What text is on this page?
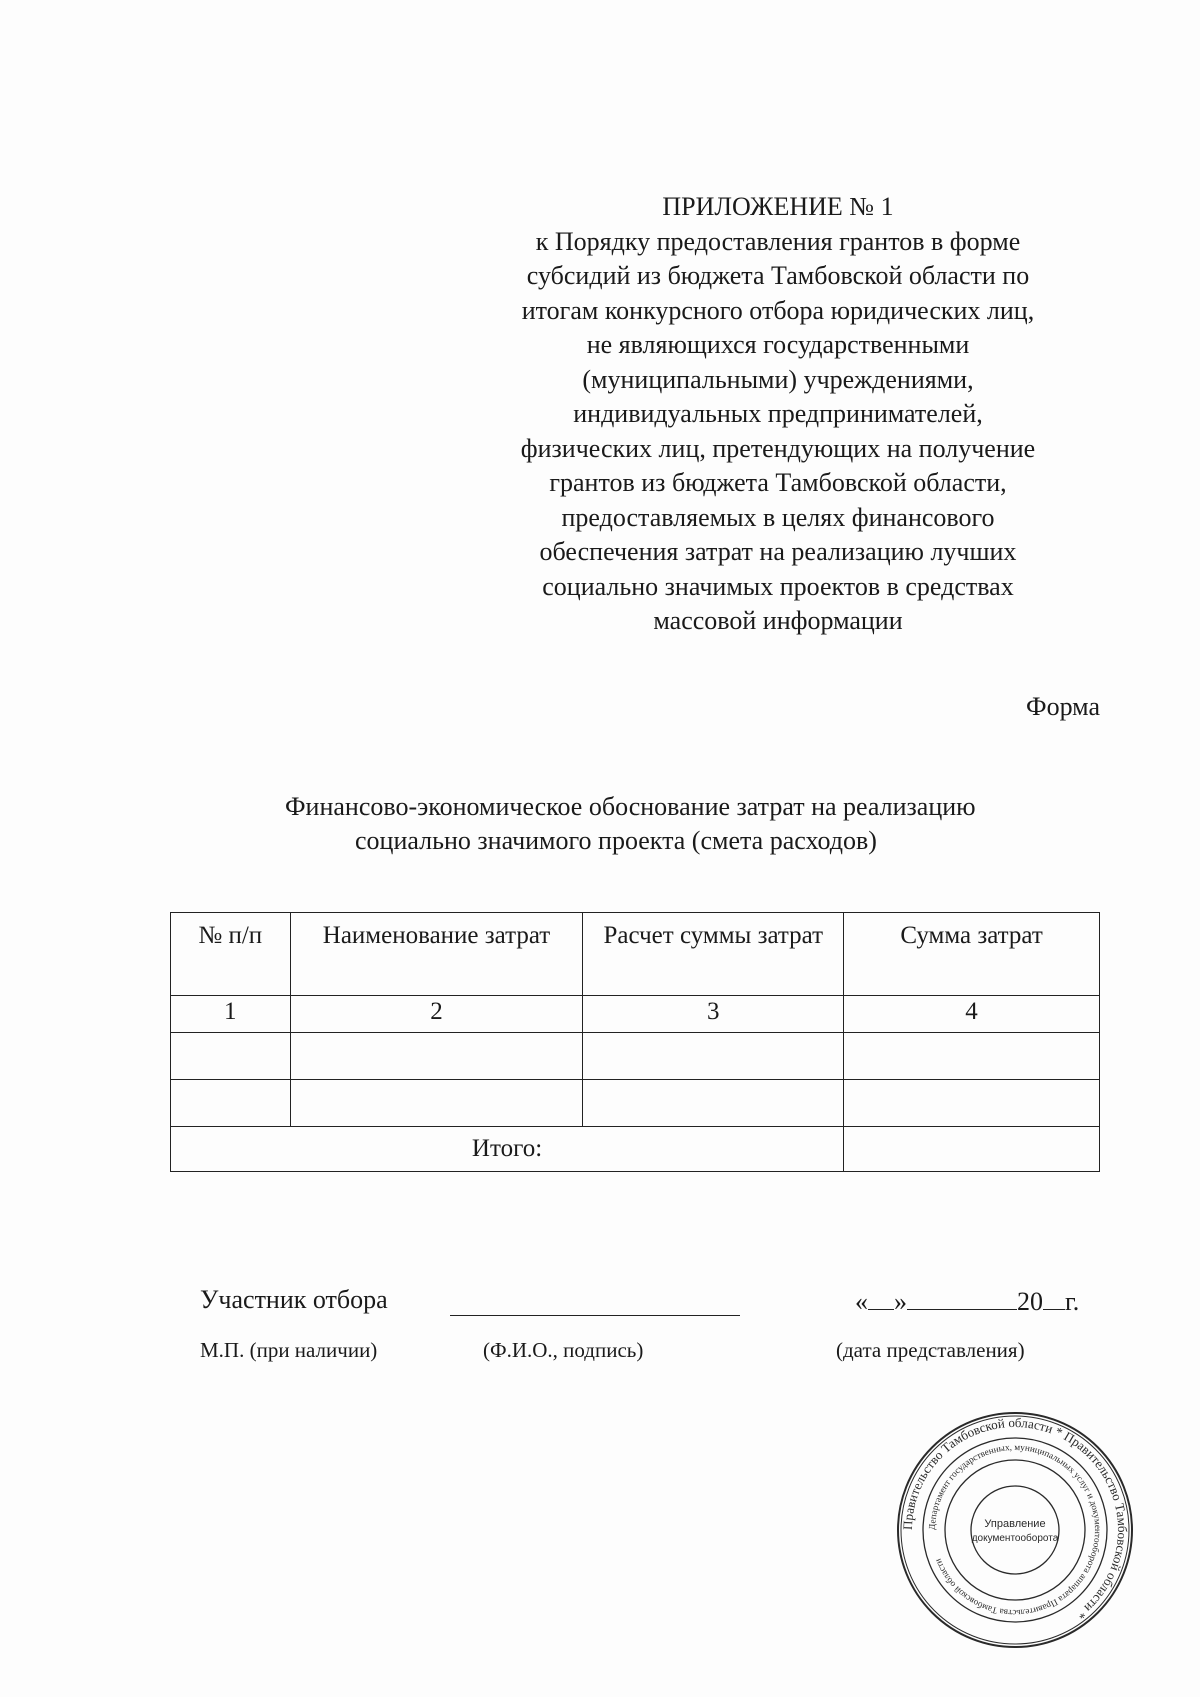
ПРИЛОЖЕНИЕ № 1
к Порядку предоставления грантов в форме
субсидий из бюджета Тамбовской области по
итогам конкурсного отбора юридических лиц,
не являющихся государственными
(муниципальными) учреждениями,
индивидуальных предпринимателей,
физических лиц, претендующих на получение
грантов из бюджета Тамбовской области,
предоставляемых в целях финансового
обеспечения затрат на реализацию лучших
социально значимых проектов в средствах
массовой информации
Форма
Финансово-экономическое обоснование затрат на реализацию
социально значимого проекта (смета расходов)
№ п/п	Наименование затрат	Расчет суммы затрат	Сумма затрат
1	2	3	4

Итого:			
Участник отбора	« »	20 г.
М.П. (при наличии)	(Ф.И.О., подпись)	(дата представления)
Правительство Тамбовской области * Правительство Тамбовской области *
Департамент государственных, муниципальных услуг и документооборота аппарата Правительства Тамбовской области
Управление
документооборота
